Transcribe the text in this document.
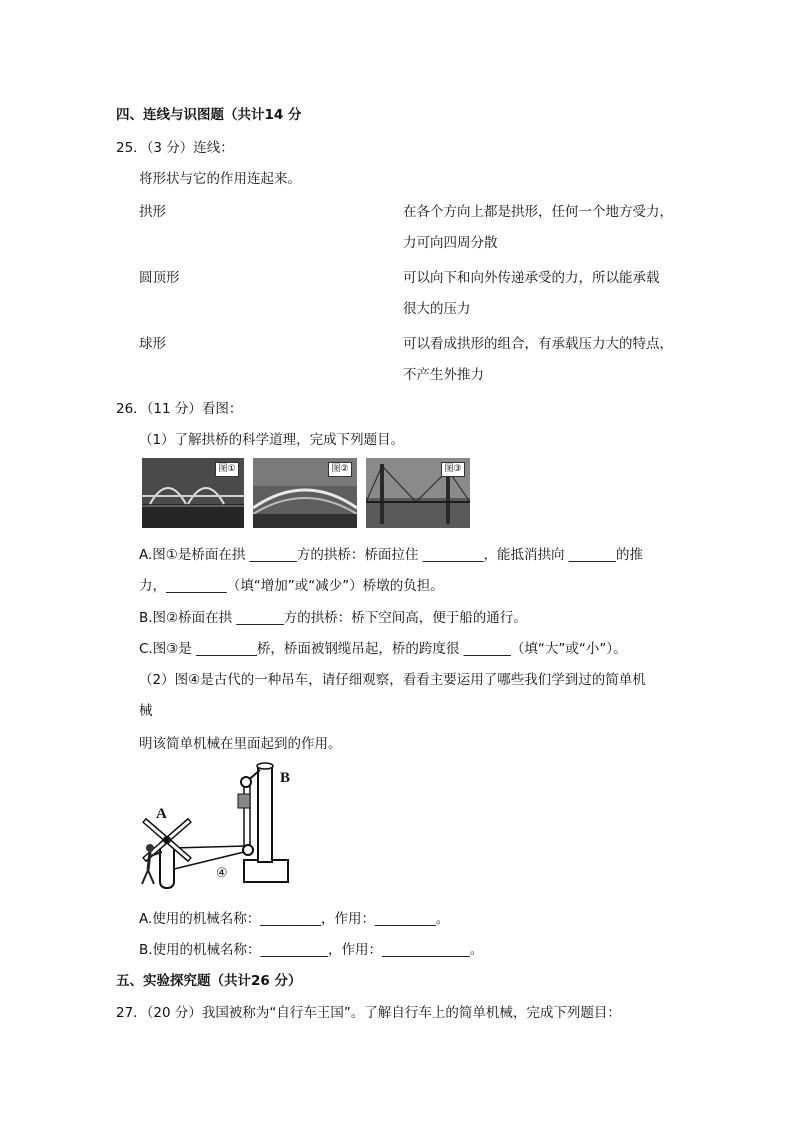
四、连线与识图题（共计14 分
25．（3 分）连线：
将形状与它的作用连起来。
拱形	在各个方向上都是拱形，任何一个地方受力，
力可向四周分散
圆顶形	可以向下和向外传递承受的力，所以能承载
很大的压力
球形	可以看成拱形的组合，有承载压力大的特点，
不产生外推力
26．（11 分）看图：
（1）了解拱桥的科学道理，完成下列题目。
图①	图②	图③
A.图①是桥面在拱 _______方的拱桥：桥面拉住 _________，能抵消拱向 _______的推
力，_________（填“增加”或“减少”）桥墩的负担。
B.图②桥面在拱 _______方的拱桥：桥下空间高，便于船的通行。
C.图③是 _________桥，桥面被钢缆吊起，桥的跨度很 _______（填“大”或“小”）。
（2）图④是古代的一种吊车，请仔细观察，看看主要运用了哪些我们学到过的简单机
械
明该简单机械在里面起到的作用。
A
B
④
A.使用的机械名称：_________，作用：_________。
B.使用的机械名称：__________，作用：_____________。
五、实验探究题（共计26 分）
27．（20 分）我国被称为“自行车王国”。了解自行车上的简单机械，完成下列题目：
